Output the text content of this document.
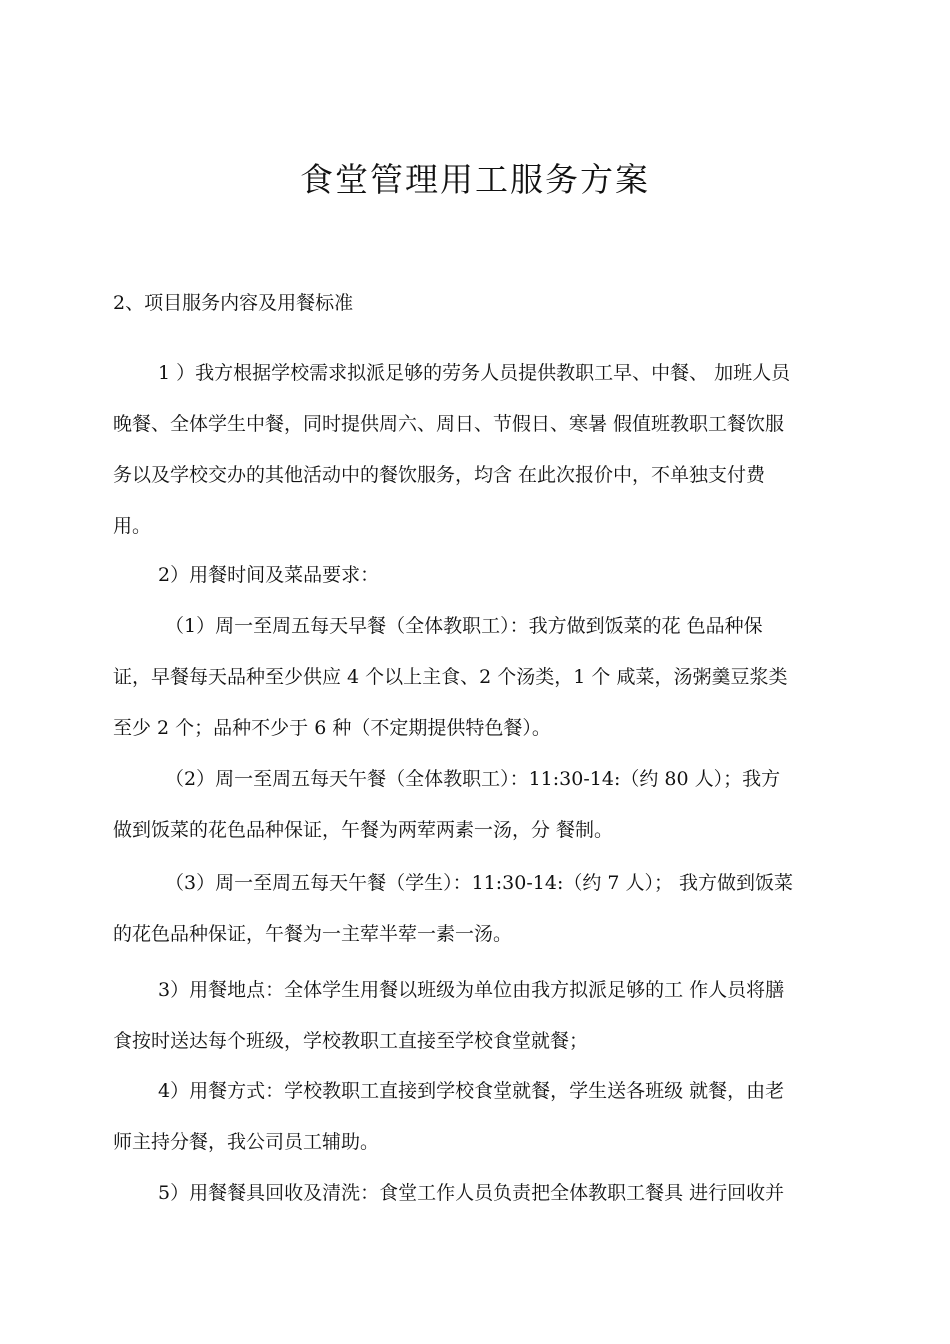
食堂管理用工服务方案

2、项目服务内容及用餐标准

1 ）我方根据学校需求拟派足够的劳务人员提供教职工早、中餐、 加班人员
晚餐、全体学生中餐，同时提供周六、周日、节假日、寒暑 假值班教职工餐饮服
务以及学校交办的其他活动中的餐饮服务，均含 在此次报价中，不单独支付费
用。
2）用餐时间及菜品要求：
（1）周一至周五每天早餐（全体教职工）：我方做到饭菜的花 色品种保
证，早餐每天品种至少供应 4 个以上主食、2 个汤类，1 个 咸菜，汤粥羹豆浆类
至少 2 个；品种不少于 6 种（不定期提供特色餐）。
（2）周一至周五每天午餐（全体教职工）：11:30-14:（约 80 人）；我方
做到饭菜的花色品种保证，午餐为两荤两素一汤，分 餐制。
（3）周一至周五每天午餐（学生）：11:30-14:（约 7 人）； 我方做到饭菜
的花色品种保证，午餐为一主荤半荤一素一汤。
3）用餐地点：全体学生用餐以班级为单位由我方拟派足够的工 作人员将膳
食按时送达每个班级，学校教职工直接至学校食堂就餐；
4）用餐方式：学校教职工直接到学校食堂就餐，学生送各班级 就餐，由老
师主持分餐，我公司员工辅助。
5）用餐餐具回收及清洗：食堂工作人员负责把全体教职工餐具 进行回收并
